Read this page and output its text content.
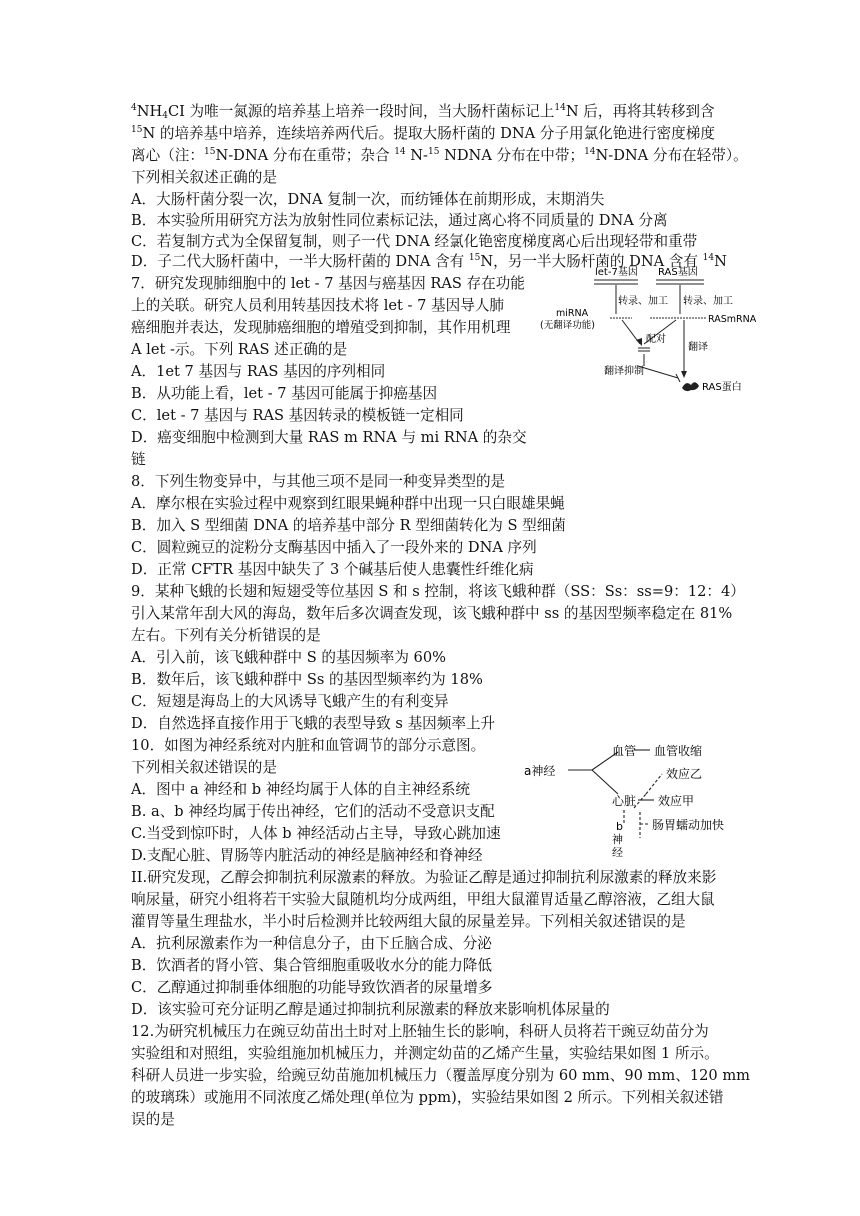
$^4NH_4CI$ 为唯一氮源的培养基上培养一段时间，当大肠杆菌标记上$^{14}$N 后，再将其转移到含
$^{15}$N 的培养基中培养，连续培养两代后。提取大肠杆菌的 DNA 分子用氯化铯进行密度梯度
离心（注：$^{15}$N-DNA 分布在重带；杂合 $^{14}$ N-$^{15}$ NDNA 分布在中带；$^{14}$N-DNA 分布在轻带）。
下列相关叙述正确的是
A．大肠杆菌分裂一次，DNA 复制一次，而纺锤体在前期形成，末期消失
B．本实验所用研究方法为放射性同位素标记法，通过离心将不同质量的 DNA 分离
C．若复制方式为全保留复制，则子一代 DNA 经氯化铯密度梯度离心后出现轻带和重带
D．子二代大肠杆菌中，一半大肠杆菌的 DNA 含有 $^{15}$N，另一半大肠杆菌的 DNA 含有 $^{14}$N
7．研究发现肺细胞中的 let - 7 基因与癌基因 RAS 存在功能
上的关联。研究人员利用转基因技术将 let - 7 基因导人肺
癌细胞并表达，发现肺癌细胞的增殖受到抑制，其作用机理
A let -示。下列 RAS 述正确的是
A．1et 7 基因与 RAS 基因的序列相同
B．从功能上看，let - 7 基因可能属于抑癌基因
C．let - 7 基因与 RAS 基因转录的模板链一定相同
D．癌变细胞中检测到大量 RAS m RNA 与 mi RNA 的杂交
链
let-7基因 RAS基因
转录、加工 转录、加工
miRNA
(无翻译功能)
RASmRNA
配对
翻译
翻译抑制
RAS蛋白
8．下列生物变异中，与其他三项不是同一种变异类型的是
A．摩尔根在实验过程中观察到红眼果蝇种群中出现一只白眼雄果蝇
B．加入 S 型细菌 DNA 的培养基中部分 R 型细菌转化为 S 型细菌
C．圆粒豌豆的淀粉分支酶基因中插入了一段外来的 DNA 序列
D．正常 CFTR 基因中缺失了 3 个碱基后使人患囊性纤维化病
9．某种飞蛾的长翅和短翅受等位基因 S 和 s 控制，将该飞蛾种群（SS：Ss：ss=9：12：4）
引入某常年刮大风的海岛，数年后多次调查发现，该飞蛾种群中 ss 的基因型频率稳定在 81%
左右。下列有关分析错误的是
A．引入前，该飞蛾种群中 S 的基因频率为 60%
B．数年后，该飞蛾种群中 Ss 的基因型频率约为 18%
C．短翅是海岛上的大风诱导飞蛾产生的有利变异
D．自然选择直接作用于飞蛾的表型导致 s 基因频率上升
10．如图为神经系统对内脏和血管调节的部分示意图。
下列相关叙述错误的是
A．图中 a 神经和 b 神经均属于人体的自主神经系统
B. a、b 神经均属于传出神经，它们的活动不受意识支配
C.当受到惊吓时，人体 b 神经活动占主导，导致心跳加速
D.支配心脏、胃肠等内脏活动的神经是脑神经和脊神经
a神经
血管 血管收缩
效应乙
心脏 效应甲
b
神
经
肠胃蠕动加快
II.研究发现，乙醇会抑制抗利尿激素的释放。为验证乙醇是通过抑制抗利尿激素的释放来影
响尿量，研究小组将若干实验大鼠随机均分成两组，甲组大鼠灌胃适量乙醇溶液，乙组大鼠
灌胃等量生理盐水，半小时后检测并比较两组大鼠的尿量差异。下列相关叙述错误的是
A．抗利尿激素作为一种信息分子，由下丘脑合成、分泌
B．饮酒者的肾小管、集合管细胞重吸收水分的能力降低
C．乙醇通过抑制垂体细胞的功能导致饮酒者的尿量增多
D．该实验可充分证明乙醇是通过抑制抗利尿激素的释放来影响机体尿量的
12.为研究机械压力在豌豆幼苗出土时对上胚轴生长的影响，科研人员将若干豌豆幼苗分为
实验组和对照组，实验组施加机械压力，并测定幼苗的乙烯产生量，实验结果如图 1 所示。
科研人员进一步实验，给豌豆幼苗施加机械压力（覆盖厚度分别为 60 mm、90 mm、120 mm
的玻璃珠）或施用不同浓度乙烯处理(单位为 ppm)，实验结果如图 2 所示。下列相关叙述错
误的是
